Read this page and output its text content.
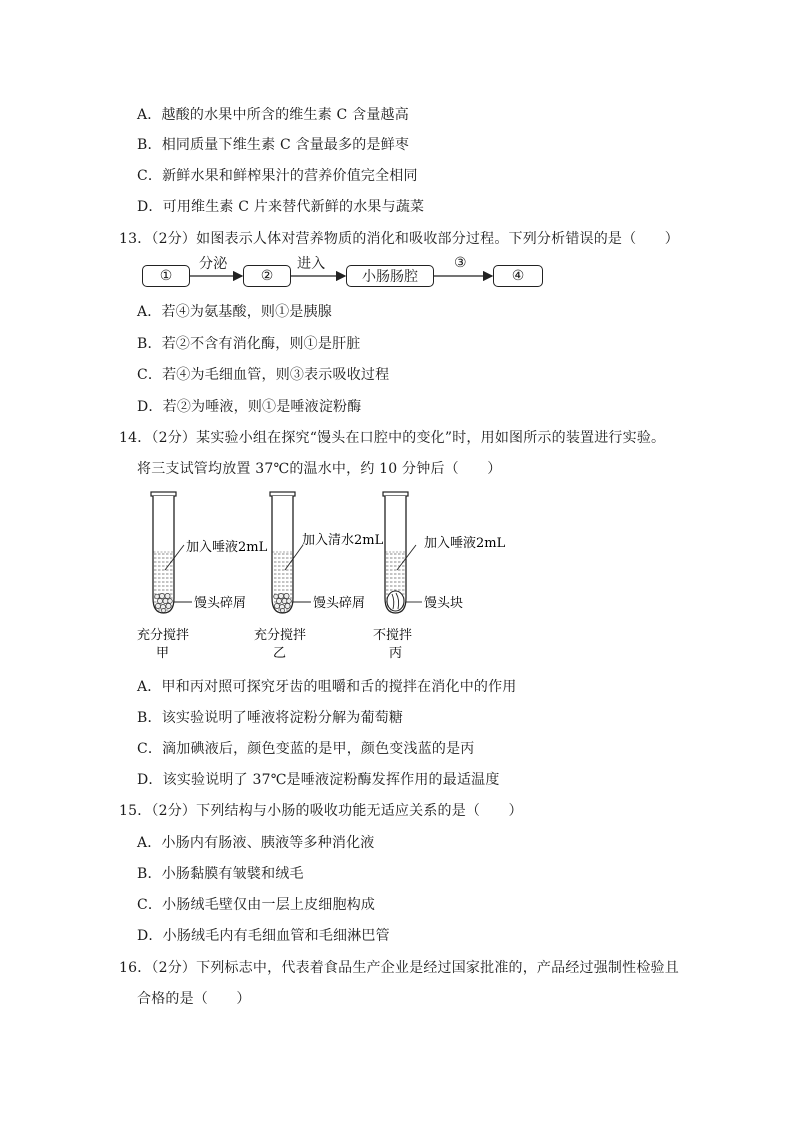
A．越酸的水果中所含的维生素 C 含量越高
B．相同质量下维生素 C 含量最多的是鲜枣
C．新鲜水果和鲜榨果汁的营养价值完全相同
D．可用维生素 C 片来替代新鲜的水果与蔬菜
13．（2分）如图表示人体对营养物质的消化和吸收部分过程。下列分析错误的是（　　）
①	②	小肠肠腔	④
分泌	进入	③
A．若④为氨基酸，则①是胰腺
B．若②不含有消化酶，则①是肝脏
C．若④为毛细血管，则③表示吸收过程
D．若②为唾液，则①是唾液淀粉酶
14．（2分）某实验小组在探究“馒头在口腔中的变化”时，用如图所示的装置进行实验。
将三支试管均放置 37℃的温水中，约 10 分钟后（　　）
加入唾液2mL
馒头碎屑
充分搅拌
甲
加入清水2mL
馒头碎屑
充分搅拌
乙
加入唾液2mL
馒头块
不搅拌
丙
A．甲和丙对照可探究牙齿的咀嚼和舌的搅拌在消化中的作用
B．该实验说明了唾液将淀粉分解为葡萄糖
C．滴加碘液后，颜色变蓝的是甲，颜色变浅蓝的是丙
D．该实验说明了 37℃是唾液淀粉酶发挥作用的最适温度
15．（2分）下列结构与小肠的吸收功能无适应关系的是（　　）
A．小肠内有肠液、胰液等多种消化液
B．小肠黏膜有皱襞和绒毛
C．小肠绒毛壁仅由一层上皮细胞构成
D．小肠绒毛内有毛细血管和毛细淋巴管
16．（2分）下列标志中，代表着食品生产企业是经过国家批准的，产品经过强制性检验且
合格的是（　　）
